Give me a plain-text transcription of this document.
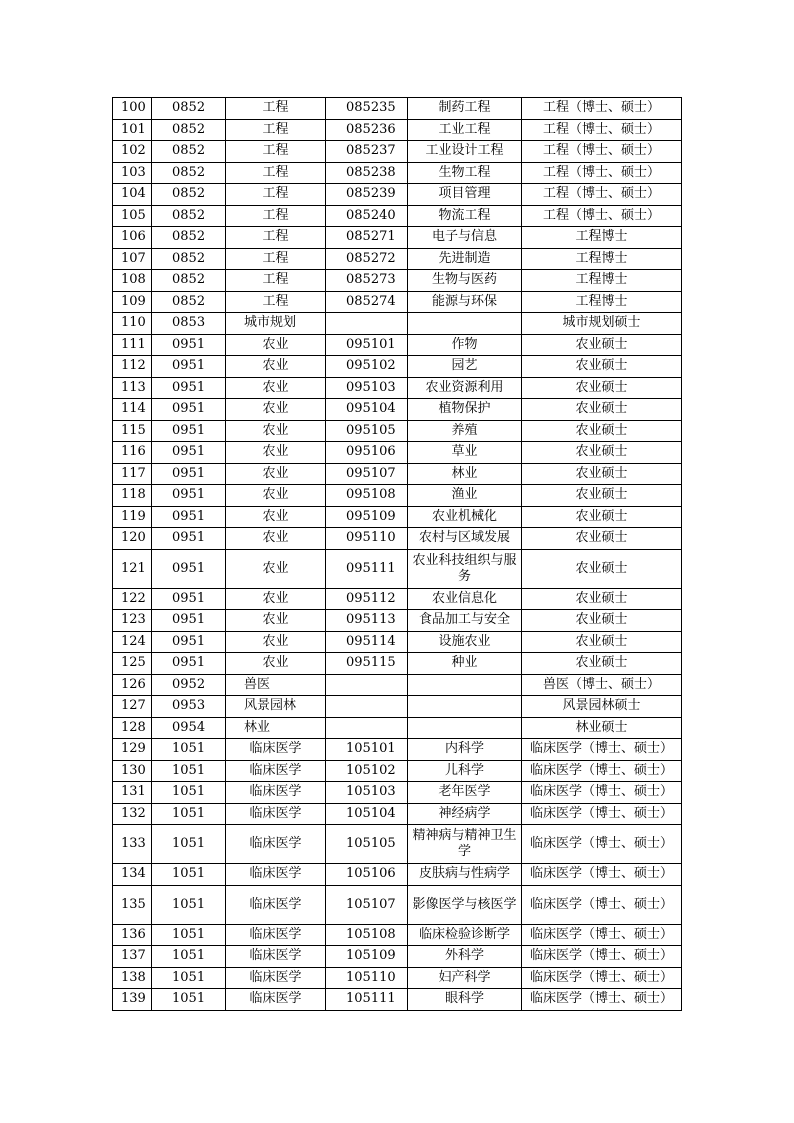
100	0852	工程	085235	制药工程	工程（博士、硕士）
101	0852	工程	085236	工业工程	工程（博士、硕士）
102	0852	工程	085237	工业设计工程	工程（博士、硕士）
103	0852	工程	085238	生物工程	工程（博士、硕士）
104	0852	工程	085239	项目管理	工程（博士、硕士）
105	0852	工程	085240	物流工程	工程（博士、硕士）
106	0852	工程	085271	电子与信息	工程博士
107	0852	工程	085272	先进制造	工程博士
108	0852	工程	085273	生物与医药	工程博士
109	0852	工程	085274	能源与环保	工程博士
110	0853	城市规划			城市规划硕士
111	0951	农业	095101	作物	农业硕士
112	0951	农业	095102	园艺	农业硕士
113	0951	农业	095103	农业资源利用	农业硕士
114	0951	农业	095104	植物保护	农业硕士
115	0951	农业	095105	养殖	农业硕士
116	0951	农业	095106	草业	农业硕士
117	0951	农业	095107	林业	农业硕士
118	0951	农业	095108	渔业	农业硕士
119	0951	农业	095109	农业机械化	农业硕士
120	0951	农业	095110	农村与区域发展	农业硕士
121	0951	农业	095111	农业科技组织与服务	农业硕士
122	0951	农业	095112	农业信息化	农业硕士
123	0951	农业	095113	食品加工与安全	农业硕士
124	0951	农业	095114	设施农业	农业硕士
125	0951	农业	095115	种业	农业硕士
126	0952	兽医			兽医（博士、硕士）
127	0953	风景园林			风景园林硕士
128	0954	林业			林业硕士
129	1051	临床医学	105101	内科学	临床医学（博士、硕士）
130	1051	临床医学	105102	儿科学	临床医学（博士、硕士）
131	1051	临床医学	105103	老年医学	临床医学（博士、硕士）
132	1051	临床医学	105104	神经病学	临床医学（博士、硕士）
133	1051	临床医学	105105	精神病与精神卫生学	临床医学（博士、硕士）
134	1051	临床医学	105106	皮肤病与性病学	临床医学（博士、硕士）
135	1051	临床医学	105107	影像医学与核医学	临床医学（博士、硕士）
136	1051	临床医学	105108	临床检验诊断学	临床医学（博士、硕士）
137	1051	临床医学	105109	外科学	临床医学（博士、硕士）
138	1051	临床医学	105110	妇产科学	临床医学（博士、硕士）
139	1051	临床医学	105111	眼科学	临床医学（博士、硕士）
